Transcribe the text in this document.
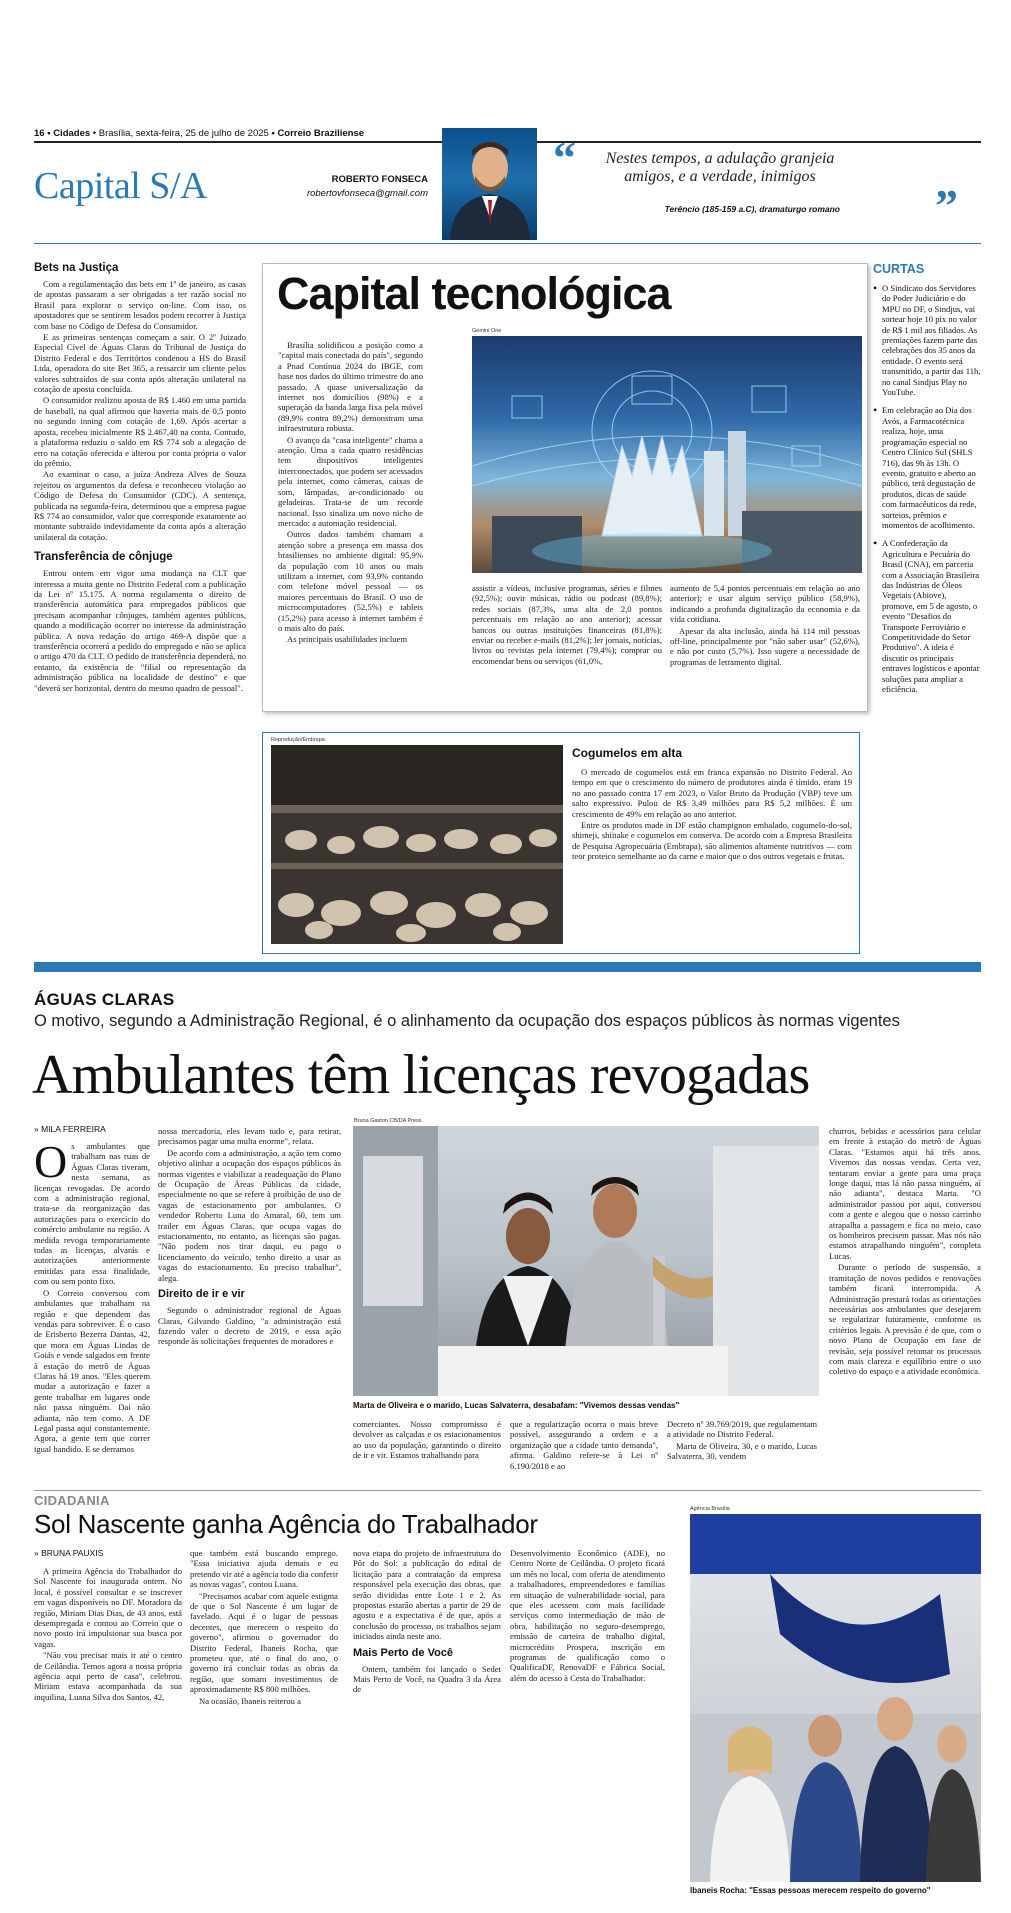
16 • Cidades • Brasília, sexta-feira, 25 de julho de 2025 • Correio Braziliense
Capital S/A	ROBERTO FONSECA
robertovfonseca@gmail.com
“	Nestes tempos, a adulação granjeia amigos, e a verdade, inimigos
Terêncio (185-159 a.C), dramaturgo romano ”
Bets na Justiça

Com a regulamentação das bets em 1º de janeiro, as casas de apostas passaram a ser obrigadas a ter razão social no Brasil para explorar o serviço on-line. Com isso, os apostadores que se sentirem lesados podem recorrer à Justiça com base no Código de Defesa do Consumidor.

E as primeiras sentenças começam a sair. O 2º Juizado Especial Cível de Águas Claras do Tribunal de Justiça do Distrito Federal e dos Territórios condenou a HS do Brasil Ltda, operadora do site Bet 365, a ressarcir um cliente pelos valores subtraídos de sua conta após alteração unilateral na cotação de aposta concluída.

O consumidor realizou aposta de R$ 1.460 em uma partida de baseball, na qual afirmou que haveria mais de 0,5 ponto no segundo inning com cotação de 1,69. Após acertar a aposta, recebeu inicialmente R$ 2.467,40 na conta. Contudo, a plataforma reduziu o saldo em R$ 774 sob a alegação de erro na cotação oferecida e alterou por conta própria o valor do prêmio.

Ao examinar o caso, a juíza Andreza Alves de Souza rejeitou os argumentos da defesa e reconheceu violação ao Código de Defesa do Consumidor (CDC). A sentença, publicada na segunda-feira, determinou que a empresa pague R$ 774 ao consumidor, valor que corresponde exatamente ao montante subtraído indevidamente da conta após a alteração unilateral da cotação.

Transferência de cônjuge

Entrou ontem em vigor uma mudança na CLT que interessa a muita gente no Distrito Federal com a publicação da Lei nº 15.175. A norma regulamenta o direito de transferência automática para empregados públicos que precisam acompanhar cônjuges, também agentes públicos, quando a modificação ocorrer no interesse da administração pública. A nova redação do artigo 469-A dispõe que a transferência ocorrerá a pedido do empregado e não se aplica o artigo 470 da CLT. O pedido de transferência dependerá, no entanto, da existência de "filial ou representação da administração pública na localidade de destino" e que "deverá ser horizontal, dentro do mesmo quadro de pessoal".

Capital tecnológica

Brasília solidificou a posição como a "capital mais conectada do país", segundo a Pnad Contínua 2024 do IBGE, com base nos dados do último trimestre do ano passado. A quase universalização da internet nos domicílios (98%) e a superação da banda larga fixa pela móvel (89,9% contra 89,2%) demonstram uma infraestrutura robusta.

O avanço da "casa inteligente" chama a atenção. Uma a cada quatro residências tem dispositivos inteligentes interconectados, que podem ser acessados pela internet, como câmeras, caixas de som, lâmpadas, ar-condicionado ou geladeiras. Trata-se de um recorde nacional. Isso sinaliza um novo nicho de mercado: a automação residencial.

Outros dados também chamam a atenção sobre a presença em massa dos brasilienses no ambiente digital: 95,9% da população com 10 anos ou mais utilizam a internet, com 93,9% contando com telefone móvel pessoal — os maiores percentuais do Brasil. O uso de microcomputadores (52,5%) e tablets (15,2%) para acesso à internet também é o mais alto do país.

As principais usabilidades incluem

Gemini One

assistir a vídeos, inclusive programas, séries e filmes (92,5%); ouvir músicas, rádio ou podcast (89,8%); redes sociais (87,3%, uma alta de 2,0 pontos percentuais em relação ao ano anterior); acessar bancos ou outras instituições financeiras (81,8%); enviar ou receber e-mails (81,2%); ler jornais, notícias, livros ou revistas pela internet (79,4%); comprar ou encomendar bens ou serviços (61,0%,

aumento de 5,4 pontos percentuais em relação ao ano anterior); e usar algum serviço público (58,9%), indicando a profunda digitalização da economia e da vida cotidiana.

Apesar da alta inclusão, ainda há 114 mil pessoas off-line, principalmente por "não saber usar" (52,6%), e não por custo (5,7%). Isso sugere a necessidade de programas de letramento digital.

Reprodução/Embrapa
Cogumelos em alta

O mercado de cogumelos está em franca expansão no Distrito Federal. Ao tempo em que o crescimento do número de produtores ainda é tímido, eram 19 no ano passado contra 17 em 2023, o Valor Bruto da Produção (VBP) teve um salto expressivo. Pulou de R$ 3,49 milhões para R$ 5,2 milhões. É um crescimento de 49% em relação ao ano anterior.

Entre os produtos made in DF estão champignon embalado, cogumelo-do-sol, shimeji, shiitake e cogumelos em conserva. De acordo com a Empresa Brasileira de Pesquisa Agropecuária (Embrapa), são alimentos altamente nutritivos — com teor proteico semelhante ao da carne e maior que o dos outros vegetais e frutas.

CURTAS
• O Sindicato dos Servidores do Poder Judiciário e do MPU no DF, o Sindjus, vai sortear hoje 10 pix no valor de R$ 1 mil aos filiados. As premiações fazem parte das celebrações dos 35 anos da entidade. O evento será transmitido, a partir das 11h, no canal Sindjus Play no YouTube.
• Em celebração ao Dia dos Avós, a Farmacotécnica realiza, hoje, uma programação especial no Centro Clínico Sul (SHLS 716), das 9h às 13h. O evento, gratuito e aberto ao público, terá degustação de produtos, dicas de saúde com farmacêuticos da rede, sorteios, prêmios e momentos de acolhimento.
• A Confederação da Agricultura e Pecuária do Brasil (CNA), em parceria com a Associação Brasileira das Indústrias de Óleos Vegetais (Abiove), promove, em 5 de agosto, o evento "Desafios do Transporte Ferroviário e Competitividade do Setor Produtivo". A ideia é discutir os principais entraves logísticos e apontar soluções para ampliar a eficiência.
ÁGUAS CLARAS
O motivo, segundo a Administração Regional, é o alinhamento da ocupação dos espaços públicos às normas vigentes
Ambulantes têm licenças revogadas
» MILA FERREIRA
O s ambulantes que trabalham nas ruas de Águas Claras tiveram, nesta semana, as licenças revogadas. De acordo com a administração regional, trata-se da reorganização das autorizações para o exercício do comércio ambulante na região. A medida revoga temporariamente todas as licenças, alvarás e autorizações anteriormente emitidas para essa finalidade, com ou sem ponto fixo.

O Correio conversou com ambulantes que trabalham na região e que dependem das vendas para sobreviver. É o caso de Erisberto Bezerra Dantas, 42, que mora em Águas Lindas de Goiás e vende salgados em frente à estação do metrô de Águas Claras há 19 anos. "Eles querem mudar a autorização e fazer a gente trabalhar em lugares onde não passa ninguém. Daí não adianta, não tem como. A DF Legal passa aqui constantemente. Agora, a gente tem que correr igual bandido. E se derramos

nossa mercadoria, eles levam tudo e, para retirar, precisamos pagar uma multa enorme", relata.

De acordo com a administração, a ação tem como objetivo alinhar a ocupação dos espaços públicos às normas vigentes e viabilizar a readequação do Plano de Ocupação de Áreas Públicas da cidade, especialmente no que se refere à proibição de uso de vagas de estacionamento por ambulantes. O vendedor Roberto Luna do Amaral, 60, tem um trailer em Águas Claras, que ocupa vagas do estacionamento, no entanto, as licenças são pagas. "Não podem nos tirar daqui, eu pago o licenciamento do veículo, tenho direito a usar as vagas do estacionamento. Eu preciso trabalhar", alega.

Direito de ir e vir

Segundo o administrador regional de Águas Claras, Gilvando Galdino, "a administração está fazendo valer o decreto de 2019, e essa ação responde às solicitações frequentes de moradores e

Bruna Gaston CB/DA Press
Marta de Oliveira e o marido, Lucas Salvaterra, desabafam: "Vivemos dessas vendas"

comerciantes. Nosso compromisso é devolver as calçadas e os estacionamentos ao uso da população, garantindo o direito de ir e vir. Estamos trabalhando para

que a regularização ocorra o mais breve possível, assegurando a ordem e a organização que a cidade tanto demanda", afirma. Galdino refere-se à Lei nº 6.190/2018 e ao

Decreto nº 39.769/2019, que regulamentam a atividade no Distrito Federal.

Marta de Oliveira, 30, e o marido, Lucas Salvaterra, 30, vendem

churros, bebidas e acessórios para celular em frente à estação do metrô de Águas Claras. "Estamos aqui há três anos. Vivemos das nossas vendas. Certa vez, tentaram enviar a gente para uma praça longe daqui, mas lá não passa ninguém, aí não adianta", destaca Marta. "O administrador passou por aqui, conversou com a gente e alegou que o nosso carrinho atrapalha a passagem e fica no meio, caso os bombeiros precisem passar. Mas nós não estamos atrapalhando ninguém", completa Lucas.

Durante o período de suspensão, a tramitação de novos pedidos e renovações também ficará interrompida. A Administração prestará todas as orientações necessárias aos ambulantes que desejarem se regularizar futuramente, conforme os critérios legais. A previsão é de que, com o novo Plano de Ocupação em fase de revisão, seja possível retomar os processos com mais clareza e equilíbrio entre o uso coletivo do espaço e a atividade econômica.

CIDADANIA
Sol Nascente ganha Agência do Trabalhador
» BRUNA PAUXIS

A primeira Agência do Trabalhador do Sol Nascente foi inaugurada ontem. No local, é possível consultar e se inscrever em vagas disponíveis no DF. Moradora da região, Miriam Dias Dias, de 43 anos, está desempregada e contou ao Correio que o novo posto irá impulsionar sua busca por vagas.

"Não vou precisar mais ir até o centro de Ceilândia. Temos agora a nossa própria agência aqui perto de casa", celebrou. Miriam estava acompanhada da sua inquilina, Luana Silva dos Santos, 42,

que também está buscando emprego. "Essa iniciativa ajuda demais e eu pretendo vir até a agência todo dia conferir as novas vagas", contou Luana.

"Precisamos acabar com aquele estigma de que o Sol Nascente é um lugar de favelado. Aqui é o lugar de pessoas decentes, que merecem o respeito do governo", afirmou o governador do Distrito Federal, Ibaneis Rocha, que prometeu que, até o final do ano, o governo irá concluir todas as obras da região, que somam investimentos de aproximadamente R$ 800 milhões.

Na ocasião, Ibaneis reiterou a

nova etapa do projeto de infraestrutura do Pôr do Sol: a publicação do edital de licitação para a contratação da empresa responsável pela execução das obras, que serão divididas entre Lote 1 e 2. As propostas estarão abertas a partir de 29 de agosto e a expectativa é de que, após a conclusão do processo, os trabalhos sejam iniciados ainda neste ano.

Mais Perto de Você

Ontem, também foi lançado o Sedet Mais Perto de Você, na Quadra 3 da Área de

Desenvolvimento Econômico (ADE), no Centro Norte de Ceilândia. O projeto ficará um mês no local, com oferta de atendimento a trabalhadores, empreendedores e famílias em situação de vulnerabilidade social, para que eles acessem com mais facilidade serviços como intermediação de mão de obra, habilitação no seguro-desemprego, emissão de carteira de trabalho digital, microcrédito Prospera, inscrição em programas de qualificação como o QualificaDF, RenovaDF e Fábrica Social, além do acesso à Cesta do Trabalhador.

Agência Brasília
Ibaneis Rocha: "Essas pessoas merecem respeito do governo"
